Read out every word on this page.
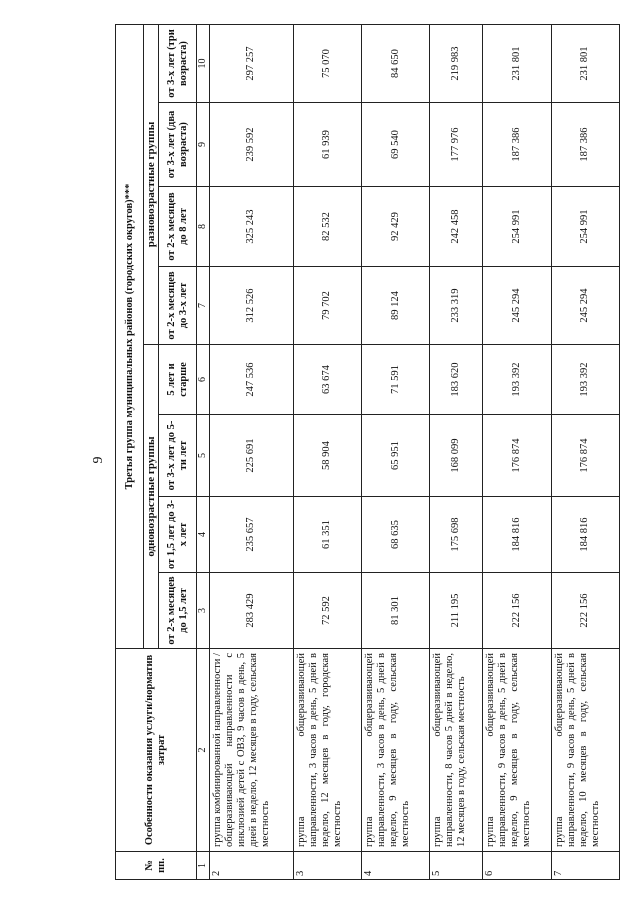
9
№ пп.	Особенности оказания услуги/норматив затрат	Третья группа муниципальных районов (городских округов)***							
		одновозрастные группы				разновозрастные группы			
		от 2-х месяцев до 1,5 лет	от 1,5 лет до 3-х лет	от 3-х лет до 5-ти лет	5 лет и старше	от 2-х месяцев до 3-х лет	от 2-х месяцев до 8 лет	от 3-х лет (два возраста)	от 3-х лет (три возраста)
1	2	3	4	5	6	7	8	9	10
2	группа комбинированной направленности / общеразвивающей направленности с инклюзией детей с ОВЗ, 9 часов в день, 5 дней в неделю, 12 месяцев в году, сельская местность	283 429	235 657	225 691	247 536	312 526	325 243	239 592	297 257
3	группа общеразвивающей направленности, 3 часов в день, 5 дней в неделю, 12 месяцев в году, городская местность	72 592	61 351	58 904	63 674	79 702	82 532	61 939	75 070
4	группа общеразвивающей направленности, 3 часов в день, 5 дней в неделю, 9 месяцев в году, сельская местность	81 301	68 635	65 951	71 591	89 124	92 429	69 540	84 650
5	группа общеразвивающей направленности, 8 часов 5 дней в неделю, 12 месяцев в году, сельская местность	211 195	175 698	168 099	183 620	233 319	242 458	177 976	219 983
6	группа общеразвивающей направленности, 9 часов в день, 5 дней в неделю, 9 месяцев в году, сельская местность	222 156	184 816	176 874	193 392	245 294	254 991	187 386	231 801
7	группа общеразвивающей направленности, 9 часов в день, 5 дней в неделю, 10 месяцев в году, сельская местность	222 156	184 816	176 874	193 392	245 294	254 991	187 386	231 801
